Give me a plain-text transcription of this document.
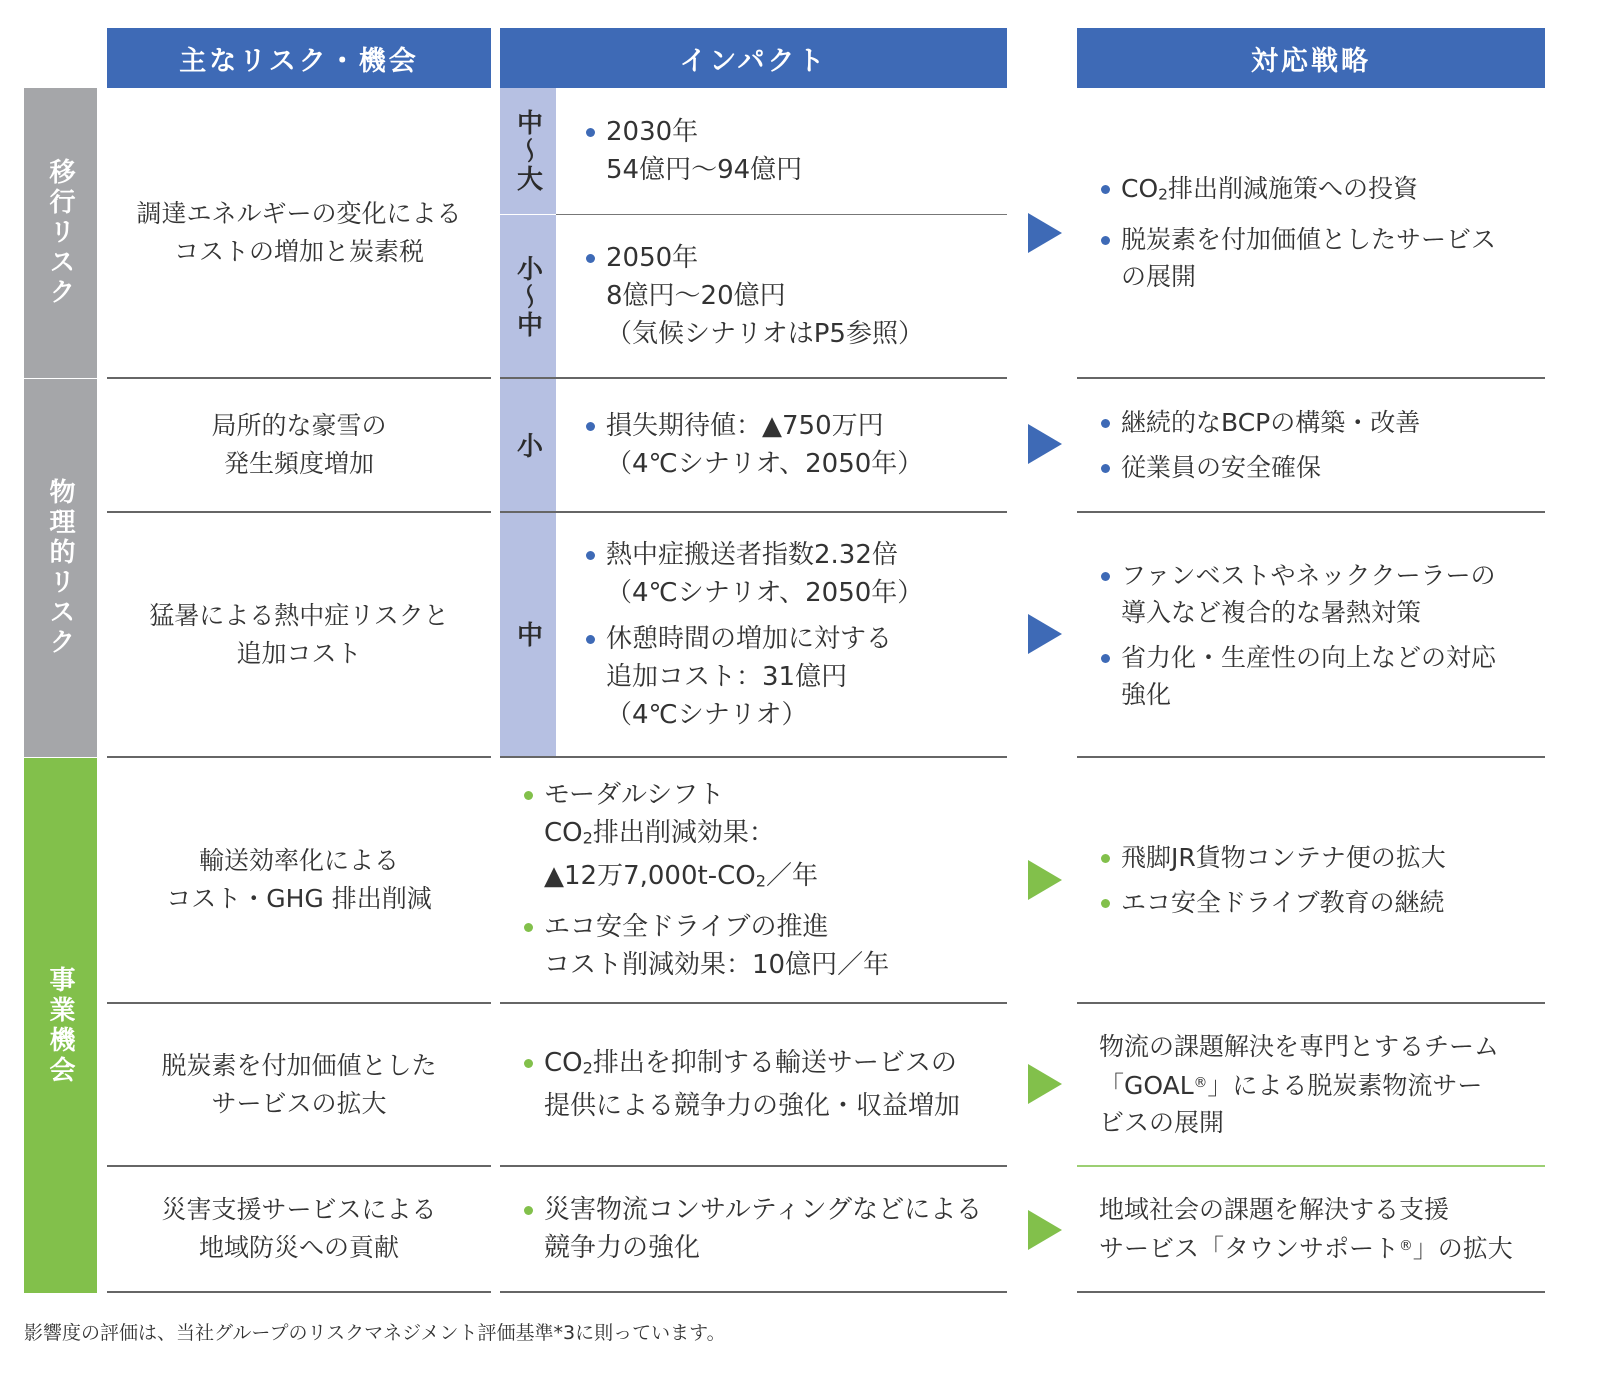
主なリスク・機会	インパクト	対応戦略
移行リスク
物理的リスク
事業機会
中〜大
小〜中
小
中
調達エネルギーの変化による
コストの増加と炭素税
2030年
54億円〜94億円
2050年
8億円〜20億円
（気候シナリオはP5参照）
$CO_2$排出削減施策への投資
脱炭素を付加価値としたサービス
の展開
局所的な豪雪の
発生頻度増加
損失期待値：▲750万円
（4℃シナリオ、2050年）
継続的なBCPの構築・改善
従業員の安全確保
猛暑による熱中症リスクと
追加コスト
熱中症搬送者指数2.32倍
（4℃シナリオ、2050年）
休憩時間の増加に対する
追加コスト：31億円
（4℃シナリオ）
ファンベストやネッククーラーの
導入など複合的な暑熱対策
省力化・生産性の向上などの対応
強化
輸送効率化による
コスト・GHG 排出削減
モーダルシフト
$CO_2$排出削減効果：
▲12万$7,000t-CO_2/$年
エコ安全ドライブの推進
コスト削減効果：10億円／年
飛脚JR貨物コンテナ便の拡大
エコ安全ドライブ教育の継続
脱炭素を付加価値とした
サービスの拡大
$CO_2$排出を抑制する輸送サービスの
提供による競争力の強化・収益増加
物流の課題解決を専門とするチーム
「GOAL®」による脱炭素物流サー
ビスの展開
災害支援サービスによる
地域防災への貢献
災害物流コンサルティングなどによる
競争力の強化
地域社会の課題を解決する支援
サービス「タウンサポート®」の拡大
影響度の評価は、当社グループのリスクマネジメント評価基準*3に則っています。
